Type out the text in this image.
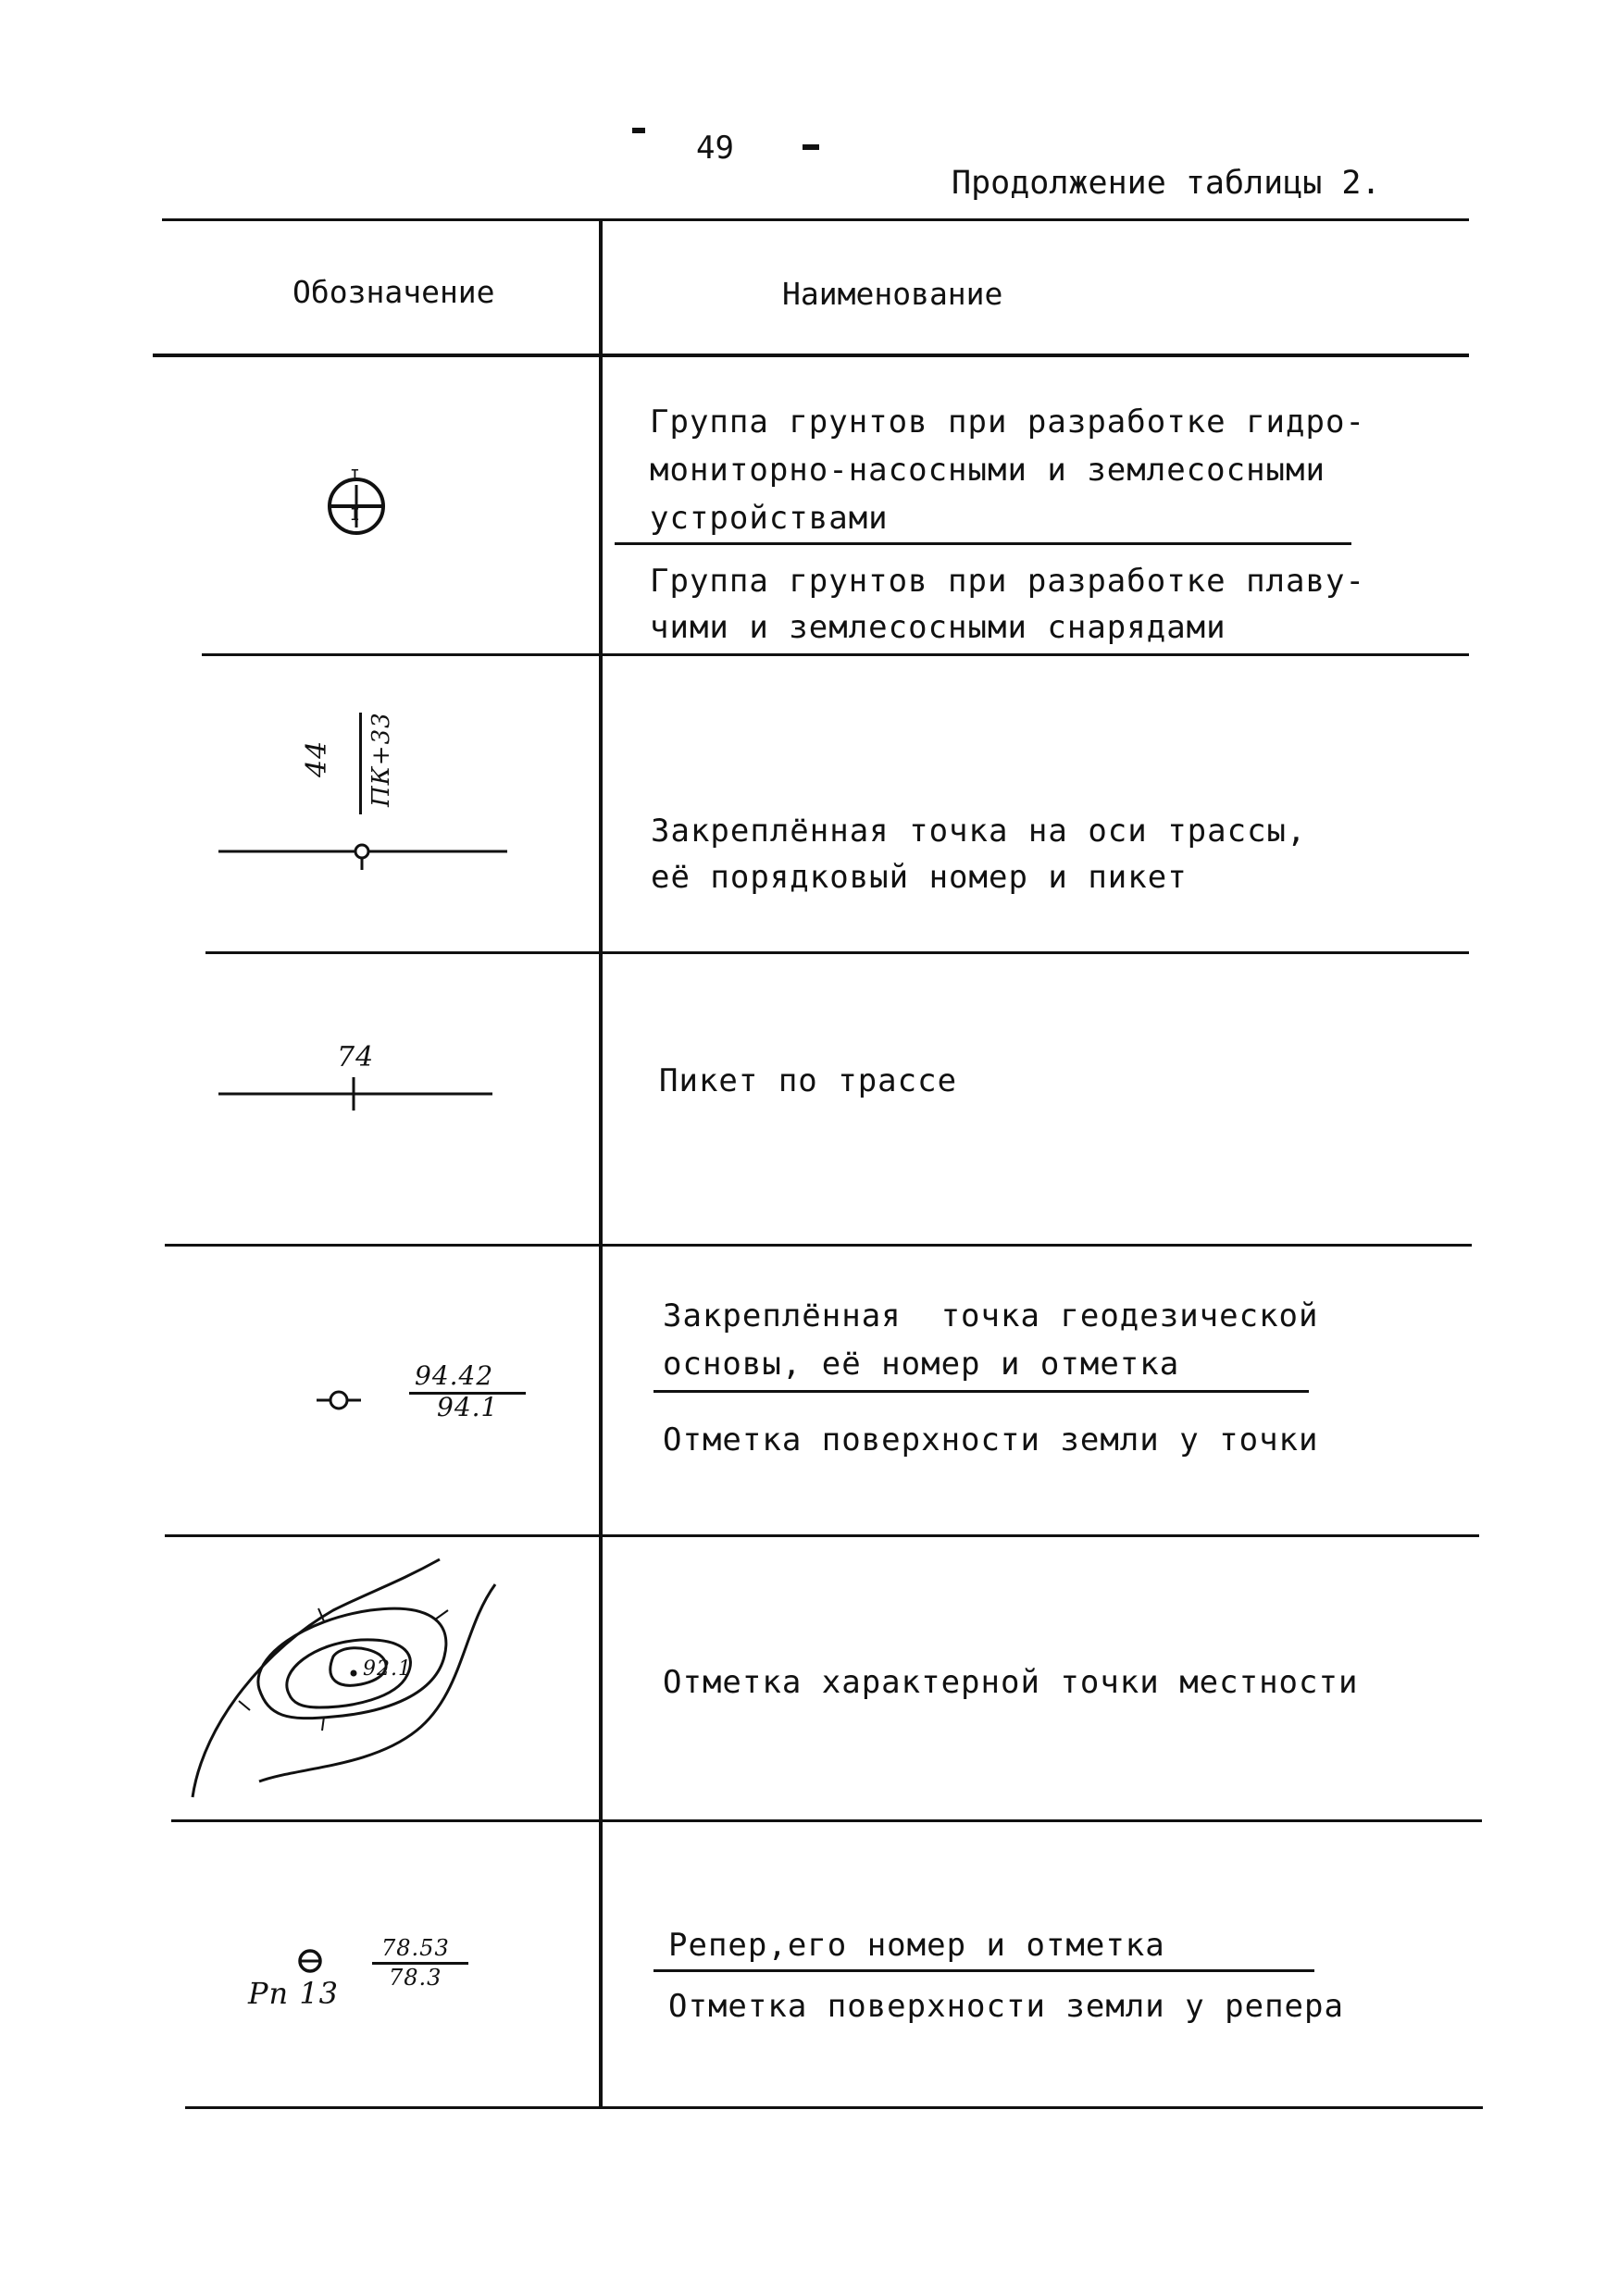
49
Продолжение таблицы 2.
Обозначение	Наименование
I
I
Группа грунтов при разработке гидро-
мониторно-насосными и землесосными
устройствами
Группа грунтов при разработке плаву-
чими и землесосными снарядами
44 ПК+33
Закреплённая точка на оси трассы,
её порядковый номер и пикет
74
Пикет по трассе
94.42
94.1
Закреплённая  точка геодезической
основы, её номер и отметка
Отметка поверхности земли у точки
92.1	Отметка характерной точки местности
Рп 13
78.53
78.3
Репер,его номер и отметка
Отметка поверхности земли у репера
